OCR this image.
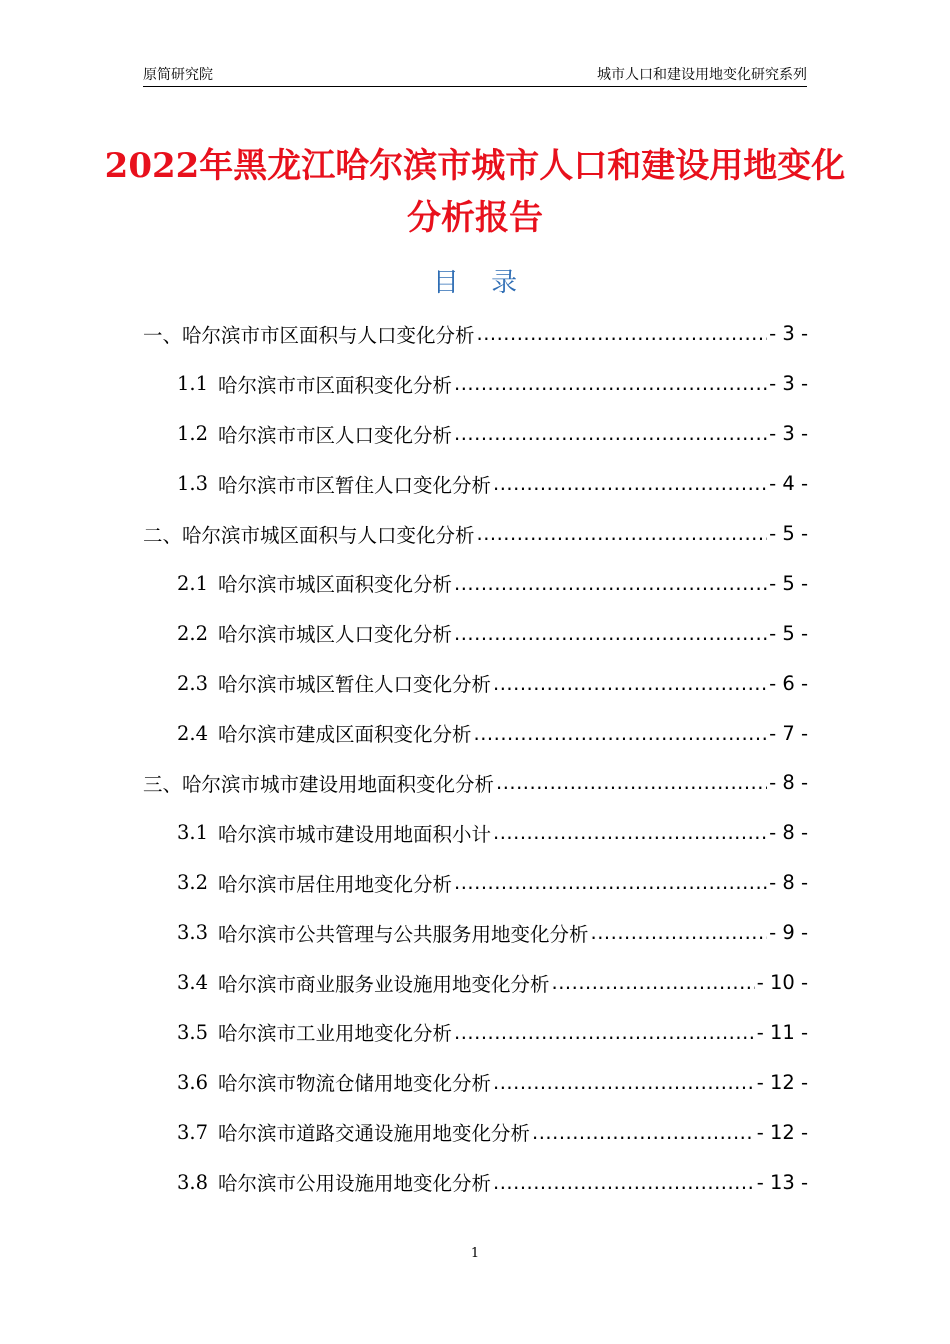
原简研究院	城市人口和建设用地变化研究系列
2022年黑龙江哈尔滨市城市人口和建设用地变化分析报告
目 录
一、哈尔滨市市区面积与人口变化分析 .....	- 3 -
1.1 哈尔滨市市区面积变化分析 .....	- 3 -
1.2 哈尔滨市市区人口变化分析 .....	- 3 -
1.3 哈尔滨市市区暂住人口变化分析 .....	- 4 -
二、哈尔滨市城区面积与人口变化分析 .....	- 5 -
2.1 哈尔滨市城区面积变化分析 .....	- 5 -
2.2 哈尔滨市城区人口变化分析 .....	- 5 -
2.3 哈尔滨市城区暂住人口变化分析 .....	- 6 -
2.4 哈尔滨市建成区面积变化分析 .....	- 7 -
三、哈尔滨市城市建设用地面积变化分析 .....	- 8 -
3.1 哈尔滨市城市建设用地面积小计 .....	- 8 -
3.2 哈尔滨市居住用地变化分析 .....	- 8 -
3.3 哈尔滨市公共管理与公共服务用地变化分析 .....	- 9 -
3.4 哈尔滨市商业服务业设施用地变化分析 .....	- 10 -
3.5 哈尔滨市工业用地变化分析 .....	- 11 -
3.6 哈尔滨市物流仓储用地变化分析 .....	- 12 -
3.7 哈尔滨市道路交通设施用地变化分析 .....	- 12 -
3.8 哈尔滨市公用设施用地变化分析 .....	- 13 -
1
